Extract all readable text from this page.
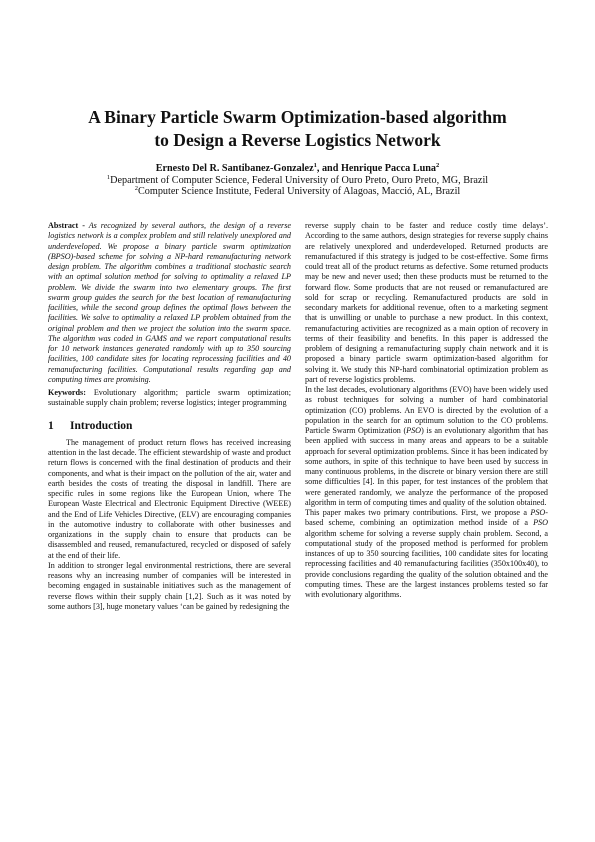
A Binary Particle Swarm Optimization-based algorithm
to Design a Reverse Logistics Network
Ernesto Del R. Santibanez-Gonzalez$^1$, and Henrique Pacca Luna$^2$
$^1$Department of Computer Science, Federal University of Ouro Preto, Ouro Preto, MG, Brazil
$^2$Computer Science Institute, Federal University of Alagoas, Macció, AL, Brazil

Abstract - As recognized by several authors, the design of a reverse logistics network is a complex problem and still relatively unexplored and underdeveloped. We propose a binary particle swarm optimization (BPSO)-based scheme for solving a NP-hard remanufacturing network design problem. The algorithm combines a traditional stochastic search with an optimal solution method for solving to optimality a relaxed LP problem. We divide the swarm into two elementary groups. The first swarm group guides the search for the best location of remanufacturing facilities, while the second group defines the optimal flows between the facilities. We solve to optimality a relaxed LP problem obtained from the original problem and then we project the solution into the swarm space. The algorithm was coded in GAMS and we report computational results for 10 network instances generated randomly with up to 350 sourcing facilities, 100 candidate sites for locating reprocessing facilities and 40 remanufacturing facilities. Computational results regarding gap and computing times are promising.

Keywords: Evolutionary algorithm; particle swarm optimization; sustainable supply chain problem; reverse logistics; integer programming

1 Introduction

The management of product return flows has received increasing attention in the last decade. The efficient stewardship of waste and product return flows is concerned with the final destination of products and their components, and what is their impact on the pollution of the air, water and earth besides the costs of treating the disposal in landfill. There are specific rules in some regions like the European Union, where The European Waste Electrical and Electronic Equipment Directive (WEEE) and the End of Life Vehicles Directive, (ELV) are encouraging companies in the automotive industry to collaborate with other businesses and organizations in the supply chain to ensure that products can be disassembled and reused, remanufactured, recycled or disposed of safely at the end of their life.

In addition to stronger legal environmental restrictions, there are several reasons why an increasing number of companies will be interested in becoming engaged in sustainable initiatives such as the management of reverse flows within their supply chain [1,2]. Such as it was noted by some authors [3], huge monetary values ‘can be gained by redesigning the

reverse supply chain to be faster and reduce costly time delays’. According to the same authors, design strategies for reverse supply chains are relatively unexplored and underdeveloped. Returned products are remanufactured if this strategy is judged to be cost-effective. Some firms could treat all of the product returns as defective. Some returned products may be new and never used; then these products must be returned to the forward flow. Some products that are not reused or remanufactured are sold for scrap or recycling. Remanufactured products are sold in secondary markets for additional revenue, often to a marketing segment that is unwilling or unable to purchase a new product. In this context, remanufacturing activities are recognized as a main option of recovery in terms of their feasibility and benefits. In this paper is addressed the problem of designing a remanufacturing supply chain network and it is proposed a binary particle swarm optimization-based algorithm for solving it. We study this NP-hard combinatorial optimization problem as part of reverse logistics problems.

In the last decades, evolutionary algorithms (EVO) have been widely used as robust techniques for solving a number of hard combinatorial optimization (CO) problems. An EVO is directed by the evolution of a population in the search for an optimum solution to the CO problems. Particle Swarm Optimization (PSO) is an evolutionary algorithm that has been applied with success in many areas and appears to be a suitable approach for several optimization problems. Since it has been indicated by some authors, in spite of this technique to have been used by success in many continuous problems, in the discrete or binary version there are still some difficulties [4]. In this paper, for test instances of the problem that were generated randomly, we analyze the performance of the proposed algorithm in term of computing times and quality of the solution obtained.

This paper makes two primary contributions. First, we propose a PSO-based scheme, combining an optimization method inside of a PSO algorithm scheme for solving a reverse supply chain problem. Second, a computational study of the proposed method is performed for problem instances of up to 350 sourcing facilities, 100 candidate sites for locating reprocessing facilities and 40 remanufacturing facilities (350x100x40), to provide conclusions regarding the quality of the solution obtained and the computing times. These are the largest instances problems tested so far with evolutionary algorithms.
